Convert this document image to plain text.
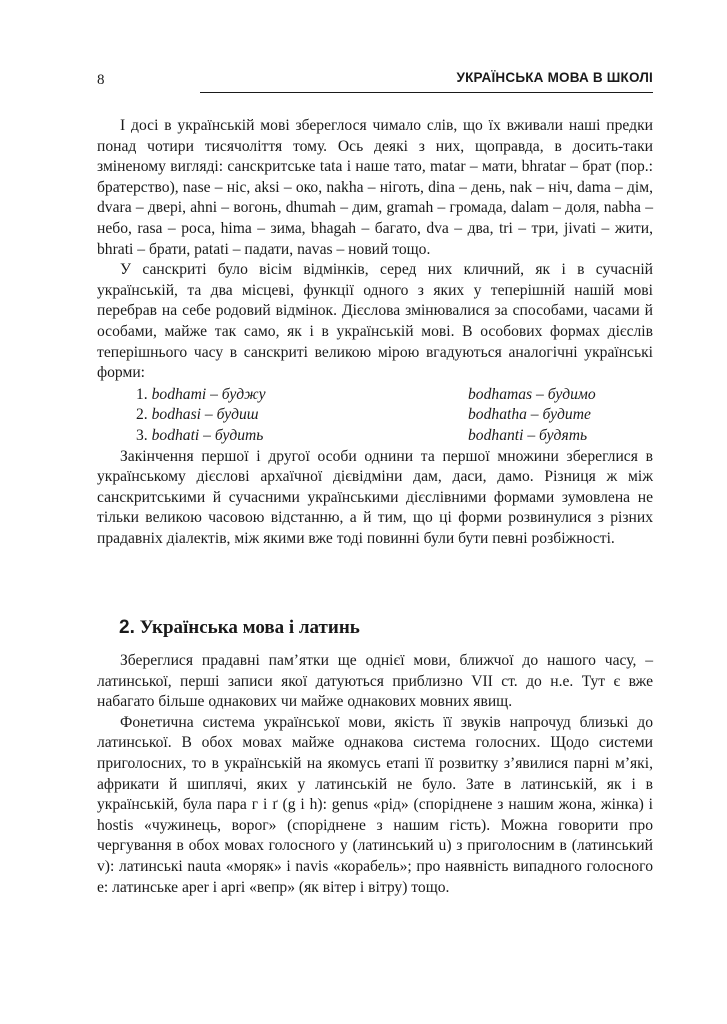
8	УКРАЇНСЬКА МОВА В ШКОЛІ

І досі в українській мові збереглося чимало слів, що їх вживали наші предки понад чотири тисячоліття тому. Ось деякі з них, щоправда, в досить-таки зміненому вигляді: санскритське tata і наше тато, matar – мати, bhratar – брат (пор.: братерство), nase – ніс, aksi – око, nakha – ніготь, dina – день, nak – ніч, dama – дім, dvara – двері, ahni – вогонь, dhumah – дим, gramah – громада, dalam – доля, nabha – небо, rasa – роса, hima – зима, bhagah – багато, dva – два, tri – три, jivati – жити, bhrati – брати, patati – падати, navas – новий тощо.

У санскриті було вісім відмінків, серед них кличний, як і в сучасній українській, та два місцеві, функції одного з яких у теперішній нашій мові перебрав на себе родовий відмінок. Дієслова змінювалися за способами, часами й особами, майже так само, як і в українській мові. В особових формах дієслів теперішнього часу в санскриті великою мірою вгадуються аналогічні українські форми:

1. bodhami – буджу	bodhamas – будимо
2. bodhasi – будиш	bodhatha – будите
3. bodhati – будить	bodhanti – будять

Закінчення першої і другої особи однини та першої множини збереглися в українському дієслові архаїчної дієвідміни дам, даси, дамо. Різниця ж між санскритськими й сучасними українськими дієслівними формами зумовлена не тільки великою часовою відстанню, а й тим, що ці форми розвинулися з різних прадавніх діалектів, між якими вже тоді повинні були бути певні розбіжності.

2. Українська мова і латинь

Збереглися прадавні пам’ятки ще однієї мови, ближчої до нашого часу, – латинської, перші записи якої датуються приблизно VII ст. до н.е. Тут є вже набагато більше однакових чи майже однакових мовних явищ.

Фонетична система української мови, якість її звуків напрочуд близькі до латинської. В обох мовах майже однакова система голосних. Щодо системи приголосних, то в українській на якомусь етапі її розвитку з’явилися парні м’які, африкати й шиплячі, яких у латинській не було. Зате в латинській, як і в українській, була пара г і ґ (g і h): genus «рід» (споріднене з нашим жона, жінка) і hostis «чужинець, ворог» (споріднене з нашим гість). Можна говорити про чергування в обох мовах голосного у (латинський u) з приголосним в (латинський v): латинські nauta «моряк» і navis «корабель»; про наявність випадного голосного е: латинське aper і apri «вепр» (як вітер і вітру) тощо.
